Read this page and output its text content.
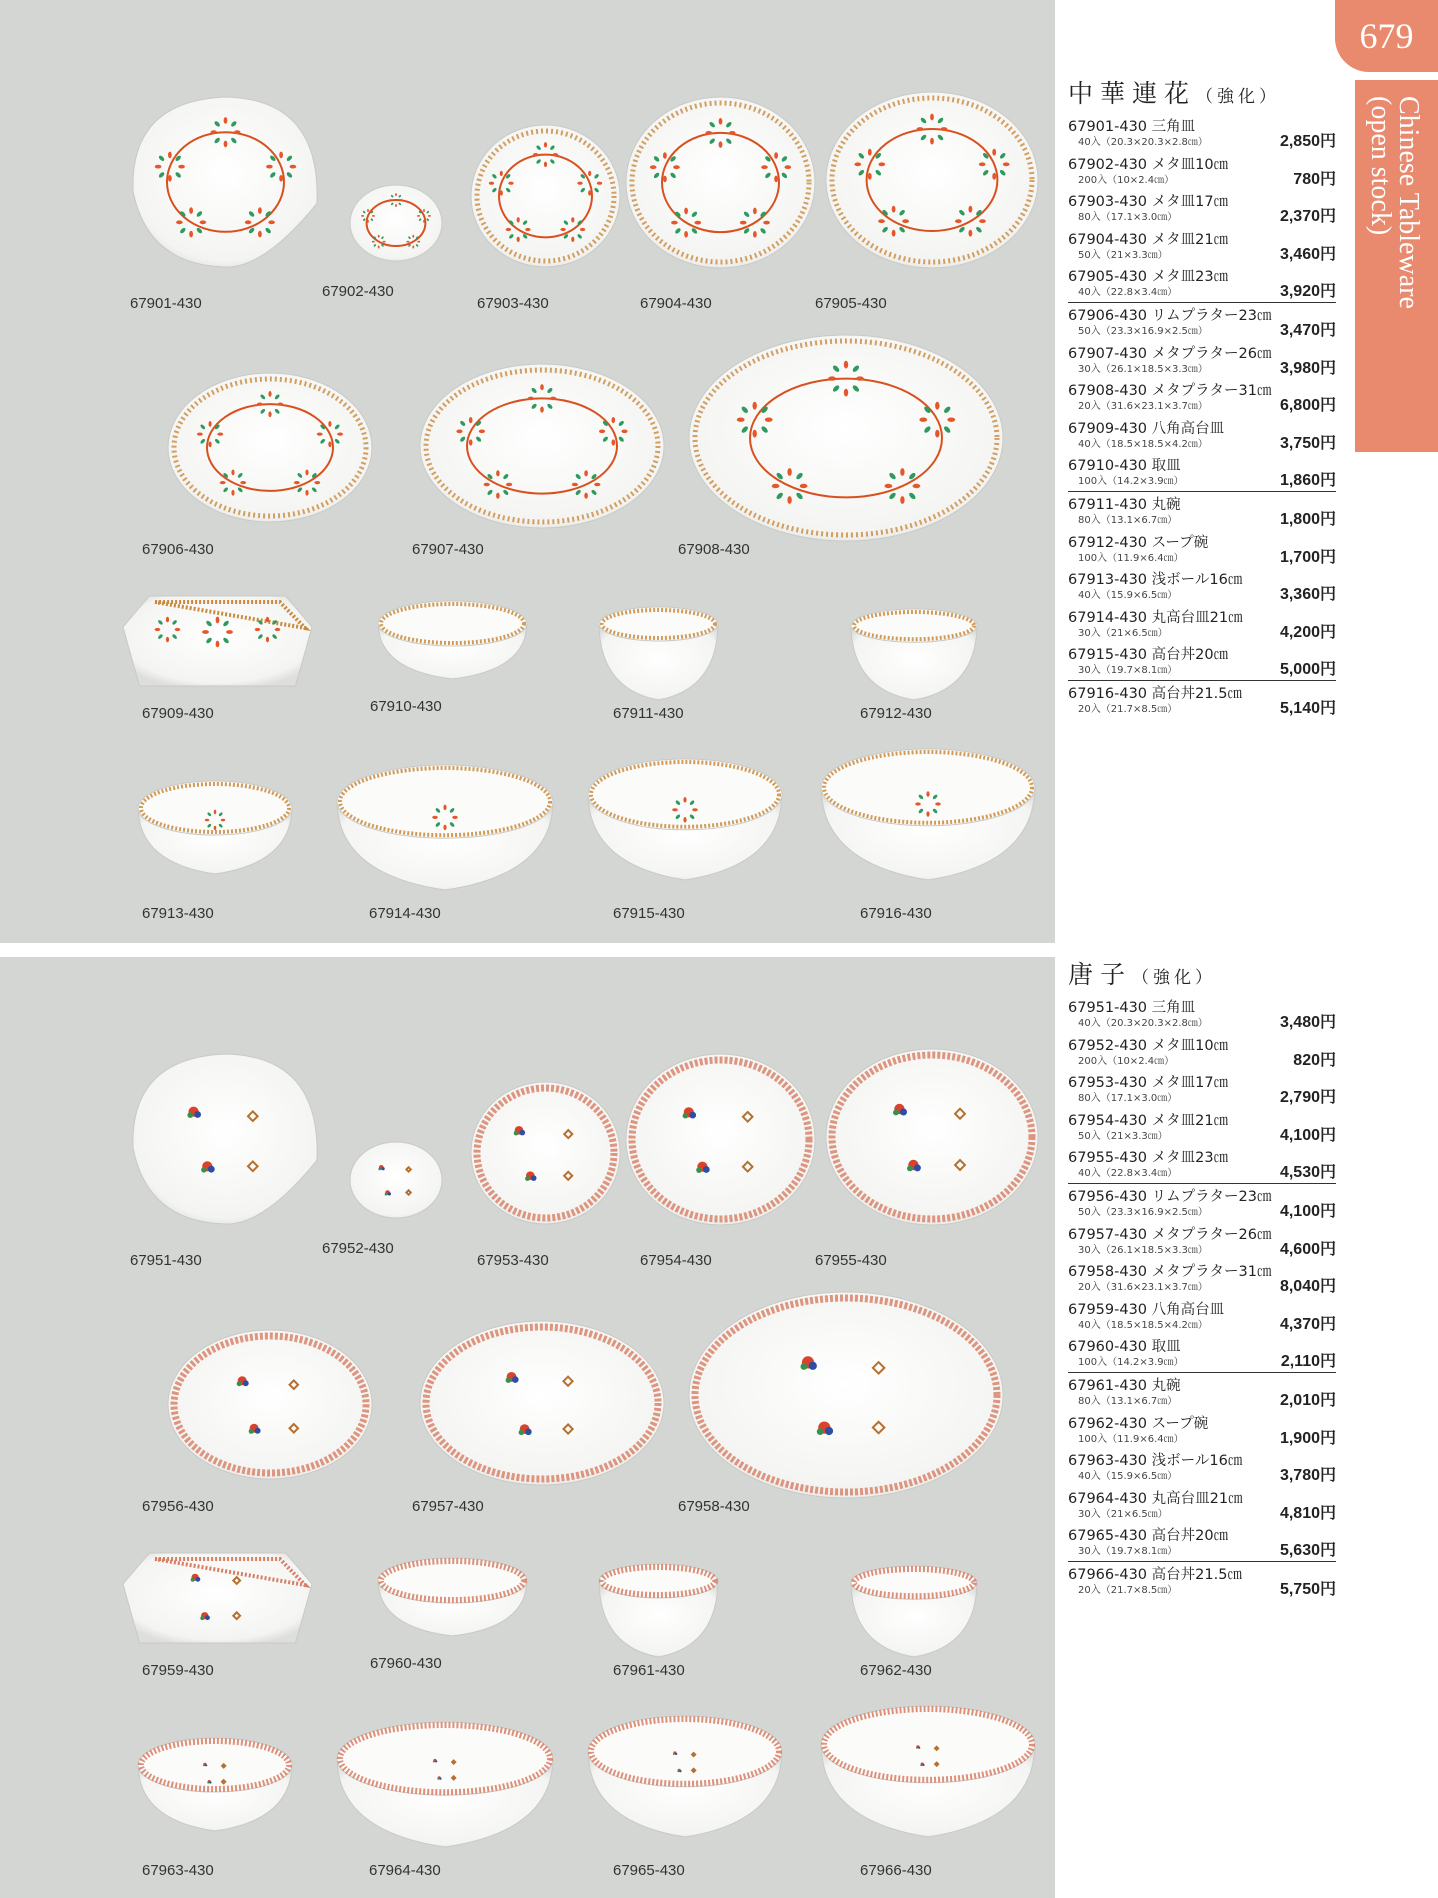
67901-430
67902-430
67903-430	67904-430	67905-430
67906-430	67907-430	67908-430
67909-430	67910-430	67911-430	67912-430
67913-430	67914-430	67915-430	67916-430
67951-430
67952-430
67953-430	67954-430	67955-430
67956-430	67957-430	67958-430
67959-430	67960-430	67961-430	67962-430
67963-430	67964-430	67965-430	67966-430
679
Chinese Tableware
(open stock)
中華連花（強化）
唐子（強化）
67901-430 三角皿
40入（20.3×20.3×2.8㎝）	2,850円
67902-430 メタ皿10㎝
200入（10×2.4㎝）	780円
67903-430 メタ皿17㎝
80入（17.1×3.0㎝）	2,370円
67904-430 メタ皿21㎝
50入（21×3.3㎝）	3,460円
67905-430 メタ皿23㎝
40入（22.8×3.4㎝）	3,920円
67906-430 リムプラター23㎝
50入（23.3×16.9×2.5㎝）	3,470円
67907-430 メタプラター26㎝
30入（26.1×18.5×3.3㎝）	3,980円
67908-430 メタプラター31㎝
20入（31.6×23.1×3.7㎝）	6,800円
67909-430 八角高台皿
40入（18.5×18.5×4.2㎝）	3,750円
67910-430 取皿
100入（14.2×3.9㎝）	1,860円
67911-430 丸碗
80入（13.1×6.7㎝）	1,800円
67912-430 スープ碗
100入（11.9×6.4㎝）	1,700円
67913-430 浅ボール16㎝
40入（15.9×6.5㎝）	3,360円
67914-430 丸高台皿21㎝
30入（21×6.5㎝）	4,200円
67915-430 高台丼20㎝
30入（19.7×8.1㎝）	5,000円
67916-430 高台丼21.5㎝
20入（21.7×8.5㎝）	5,140円
67951-430 三角皿
40入（20.3×20.3×2.8㎝）	3,480円
67952-430 メタ皿10㎝
200入（10×2.4㎝）	820円
67953-430 メタ皿17㎝
80入（17.1×3.0㎝）	2,790円
67954-430 メタ皿21㎝
50入（21×3.3㎝）	4,100円
67955-430 メタ皿23㎝
40入（22.8×3.4㎝）	4,530円
67956-430 リムプラター23㎝
50入（23.3×16.9×2.5㎝）	4,100円
67957-430 メタプラター26㎝
30入（26.1×18.5×3.3㎝）	4,600円
67958-430 メタプラター31㎝
20入（31.6×23.1×3.7㎝）	8,040円
67959-430 八角高台皿
40入（18.5×18.5×4.2㎝）	4,370円
67960-430 取皿
100入（14.2×3.9㎝）	2,110円
67961-430 丸碗
80入（13.1×6.7㎝）	2,010円
67962-430 スープ碗
100入（11.9×6.4㎝）	1,900円
67963-430 浅ボール16㎝
40入（15.9×6.5㎝）	3,780円
67964-430 丸高台皿21㎝
30入（21×6.5㎝）	4,810円
67965-430 高台丼20㎝
30入（19.7×8.1㎝）	5,630円
67966-430 高台丼21.5㎝
20入（21.7×8.5㎝）	5,750円
